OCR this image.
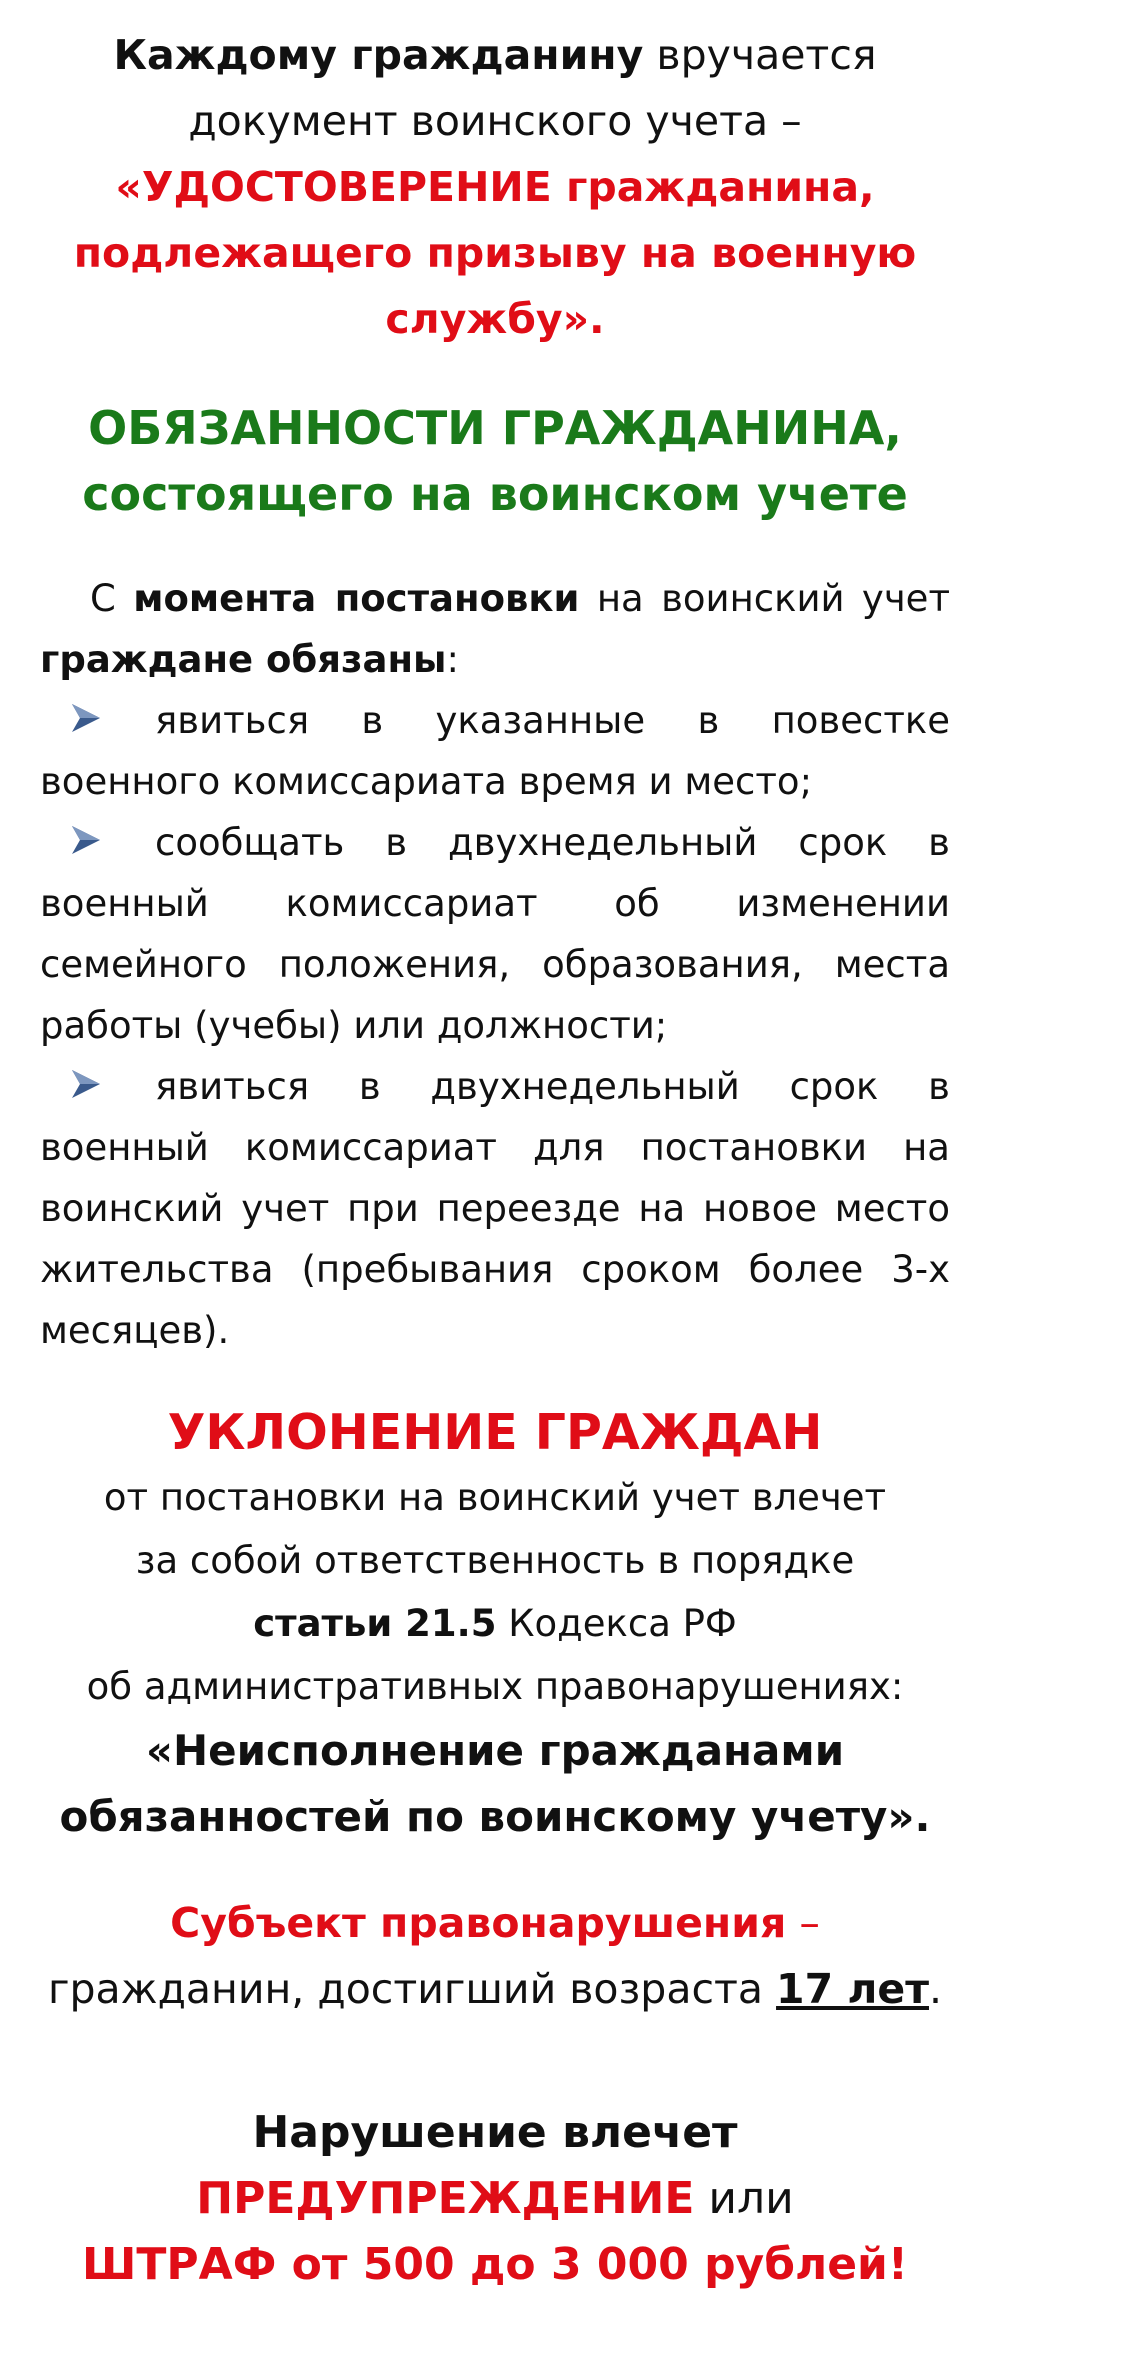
Каждому гражданину вручается
документ воинского учета –
«УДОСТОВЕРЕНИЕ гражданина, подлежащего призыву на военную службу».
ОБЯЗАННОСТИ ГРАЖДАНИНА,
состоящего на воинском учете
С момента постановки на воинский учет граждане обязаны:
явиться в указанные в повестке военного комиссариата время и место;
сообщать в двухнедельный срок в военный комиссариат об изменении семейного положения, образования, места работы (учебы) или должности;
явиться в двухнедельный срок в военный комиссариат для постановки на воинский учет при переезде на новое место жительства (пребывания сроком более 3-х месяцев).
УКЛОНЕНИЕ ГРАЖДАН
от постановки на воинский учет влечет
за собой ответственность в порядке
статьи 21.5 Кодекса РФ
об административных правонарушениях:
«Неисполнение гражданами
обязанностей по воинскому учету».
Субъект правонарушения –
гражданин, достигший возраста 17 лет.
Нарушение влечет
ПРЕДУПРЕЖДЕНИЕ или
ШТРАФ от 500 до 3 000 рублей!
